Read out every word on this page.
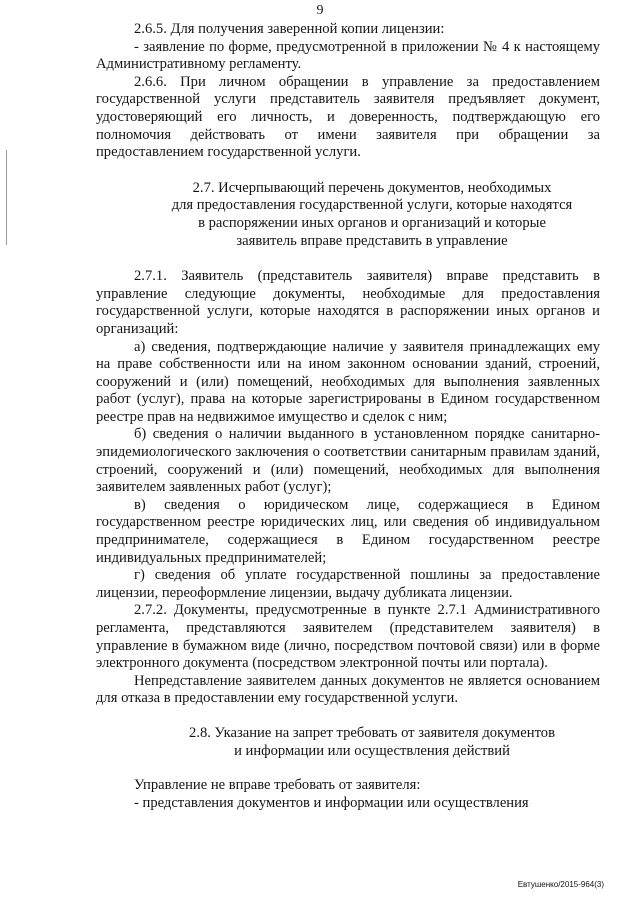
9

2.6.5. Для получения заверенной копии лицензии:

- заявление по форме, предусмотренной в приложении № 4 к настоящему Административному регламенту.

2.6.6. При личном обращении в управление за предоставлением государственной услуги представитель заявителя предъявляет документ, удостоверяющий его личность, и доверенность, подтверждающую его полномочия действовать от имени заявителя при обращении за предоставлением государственной услуги.

2.7. Исчерпывающий перечень документов, необходимых

для предоставления государственной услуги, которые находятся

в распоряжении иных органов и организаций и которые

заявитель вправе представить в управление

2.7.1. Заявитель (представитель заявителя) вправе представить в управление следующие документы, необходимые для предоставления государственной услуги, которые находятся в распоряжении иных органов и организаций:

а) сведения, подтверждающие наличие у заявителя принадлежащих ему на праве собственности или на ином законном основании зданий, строений, сооружений и (или) помещений, необходимых для выполнения заявленных работ (услуг), права на которые зарегистрированы в Едином государственном реестре прав на недвижимое имущество и сделок с ним;

б) сведения о наличии выданного в установленном порядке санитарно-эпидемиологического заключения о соответствии санитарным правилам зданий, строений, сооружений и (или) помещений, необходимых для выполнения заявителем заявленных работ (услуг);

в) сведения о юридическом лице, содержащиеся в Едином государственном реестре юридических лиц, или сведения об индивидуальном предпринимателе, содержащиеся в Едином государственном реестре индивидуальных предпринимателей;

г) сведения об уплате государственной пошлины за предоставление лицензии, переоформление лицензии, выдачу дубликата лицензии.

2.7.2. Документы, предусмотренные в пункте 2.7.1 Административного регламента, представляются заявителем (представителем заявителя) в управление в бумажном виде (лично, посредством почтовой связи) или в форме электронного документа (посредством электронной почты или портала).

Непредставление заявителем данных документов не является основанием для отказа в предоставлении ему государственной услуги.

2.8. Указание на запрет требовать от заявителя документов

и информации или осуществления действий

Управление не вправе требовать от заявителя:

- представления документов и информации или осуществления

Евтушенко/2015-964(3)
